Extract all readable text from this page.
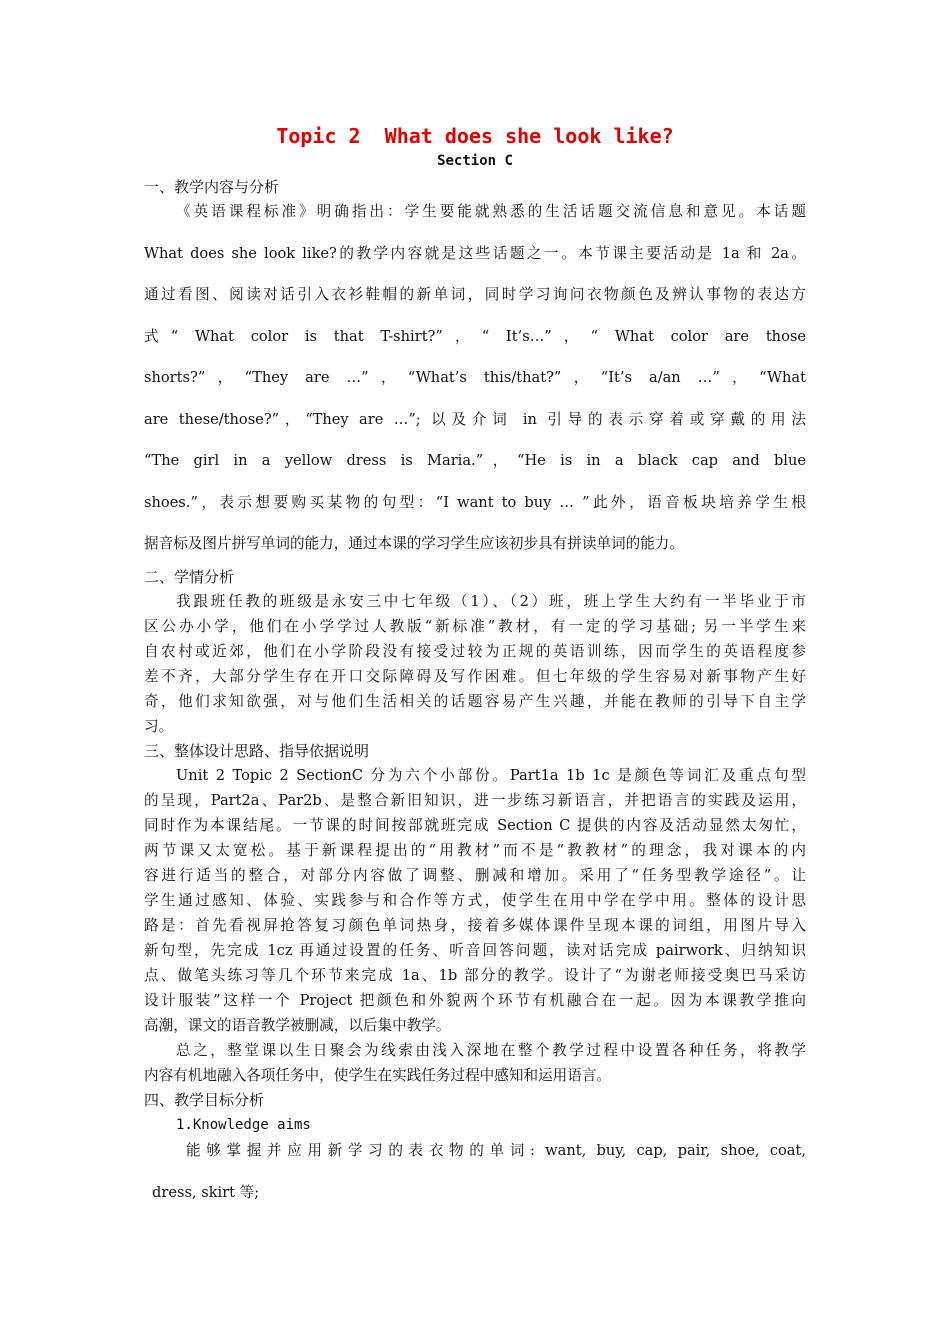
Topic 2  What does she look like?
Section C
一、教学内容与分析
《英语课程标准》明确指出：学生要能就熟悉的生活话题交流信息和意见。本话题
What does she look like?的教学内容就是这些话题之一。本节课主要活动是 1a 和 2a。
通过看图、阅读对话引入衣衫鞋帽的新单词，同时学习询问衣物颜色及辨认事物的表达方
式“ What color is that T-shirt?”，“ It’s…”，“ What color are those
shorts?”，“They are …”，“What’s this/that?”，“It’s a/an …”，“What
are these/those?”，“They are …”; 以及介词 in 引导的表示穿着或穿戴的用法
“The girl in a yellow dress is Maria.”，“He is in a black cap and blue
shoes.”，表示想要购买某物的句型：“I want to buy … ”此外，语音板块培养学生根
据音标及图片拼写单词的能力，通过本课的学习学生应该初步具有拼读单词的能力。
二、学情分析
我跟班任教的班级是永安三中七年级（1）、（2）班，班上学生大约有一半毕业于市
区公办小学，他们在小学学过人教版“新标准”教材，有一定的学习基础; 另一半学生来
自农村或近郊，他们在小学阶段没有接受过较为正规的英语训练，因而学生的英语程度参
差不齐，大部分学生存在开口交际障碍及写作困难。但七年级的学生容易对新事物产生好
奇，他们求知欲强，对与他们生活相关的话题容易产生兴趣，并能在教师的引导下自主学
习。
三、整体设计思路、指导依据说明
Unit 2 Topic 2 SectionC 分为六个小部份。Part1a 1b 1c 是颜色等词汇及重点句型
的呈现，Part2a、Par2b、是整合新旧知识，进一步练习新语言，并把语言的实践及运用，
同时作为本课结尾。一节课的时间按部就班完成 Section C 提供的内容及活动显然太匆忙，
两节课又太宽松。基于新课程提出的“用教材”而不是“教教材”的理念，我对课本的内
容进行适当的整合，对部分内容做了调整、删减和增加。采用了“任务型教学途径”。让
学生通过感知、体验、实践参与和合作等方式，使学生在用中学在学中用。整体的设计思
路是：首先看视屏抢答复习颜色单词热身，接着多媒体课件呈现本课的词组，用图片导入
新句型，先完成 1cz 再通过设置的任务、听音回答问题，读对话完成 pairwork、归纳知识
点、做笔头练习等几个环节来完成 1a、1b 部分的教学。设计了“为谢老师接受奥巴马采访
设计服装”这样一个 Project 把颜色和外貌两个环节有机融合在一起。因为本课教学推向
高潮，课文的语音教学被删减，以后集中教学。
总之，整堂课以生日聚会为线索由浅入深地在整个教学过程中设置各种任务，将教学
内容有机地融入各项任务中，使学生在实践任务过程中感知和运用语言。
四、教学目标分析
1.Knowledge aims
能够掌握并应用新学习的表衣物的单词: want, buy, cap, pair, shoe, coat,
dress, skirt 等;
